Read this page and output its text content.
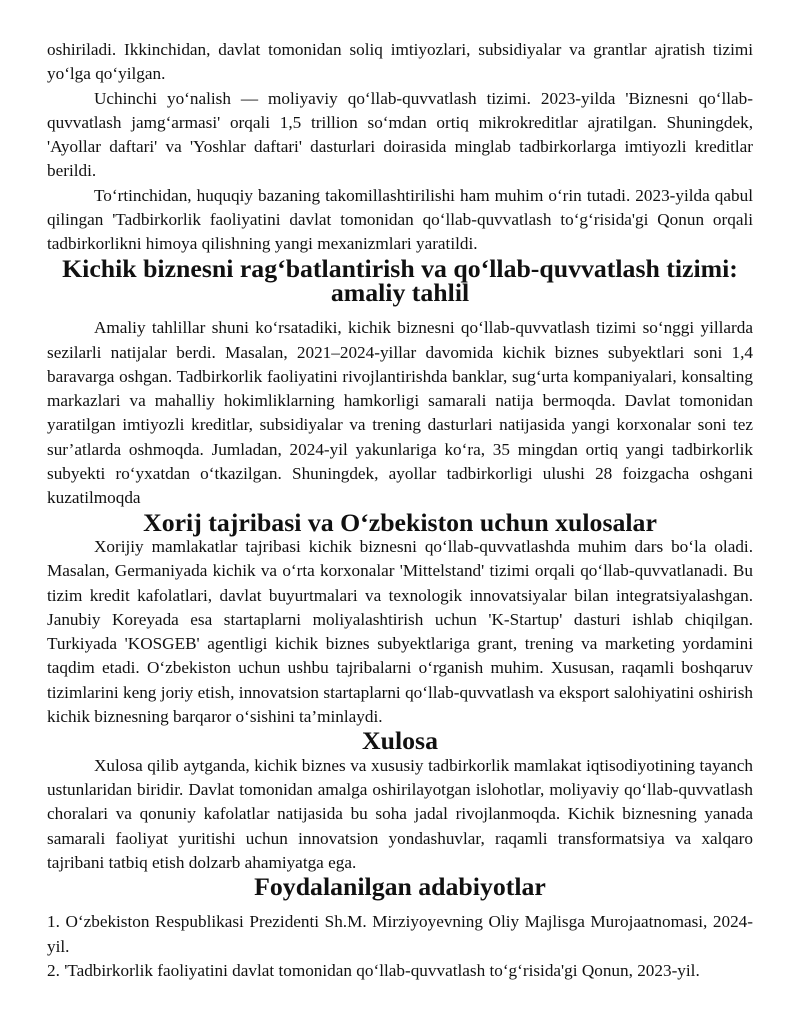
oshiriladi. Ikkinchidan, davlat tomonidan soliq imtiyozlari, subsidiyalar va grantlar ajratish tizimi yo‘lga qo‘yilgan.

Uchinchi yo‘nalish — moliyaviy qo‘llab-quvvatlash tizimi. 2023-yilda 'Biznesni qo‘llab-quvvatlash jamg‘armasi' orqali 1,5 trillion so‘mdan ortiq mikrokreditlar ajratilgan. Shuningdek, 'Ayollar daftari' va 'Yoshlar daftari' dasturlari doirasida minglab tadbirkorlarga imtiyozli kreditlar berildi.

To‘rtinchidan, huquqiy bazaning takomillashtirilishi ham muhim o‘rin tutadi. 2023-yilda qabul qilingan 'Tadbirkorlik faoliyatini davlat tomonidan qo‘llab-quvvatlash to‘g‘risida'gi Qonun orqali tadbirkorlikni himoya qilishning yangi mexanizmlari yaratildi.

Kichik biznesni rag‘batlantirish va qo‘llab-quvvatlash tizimi: amaliy tahlil

Amaliy tahlillar shuni ko‘rsatadiki, kichik biznesni qo‘llab-quvvatlash tizimi so‘nggi yillarda sezilarli natijalar berdi. Masalan, 2021–2024-yillar davomida kichik biznes subyektlari soni 1,4 baravarga oshgan. Tadbirkorlik faoliyatini rivojlantirishda banklar, sug‘urta kompaniyalari, konsalting markazlari va mahalliy hokimliklarning hamkorligi samarali natija bermoqda. Davlat tomonidan yaratilgan imtiyozli kreditlar, subsidiyalar va trening dasturlari natijasida yangi korxonalar soni tez sur’atlarda oshmoqda. Jumladan, 2024-yil yakunlariga ko‘ra, 35 mingdan ortiq yangi tadbirkorlik subyekti ro‘yxatdan o‘tkazilgan. Shuningdek, ayollar tadbirkorligi ulushi 28 foizgacha oshgani kuzatilmoqda

Xorij tajribasi va O‘zbekiston uchun xulosalar

Xorijiy mamlakatlar tajribasi kichik biznesni qo‘llab-quvvatlashda muhim dars bo‘la oladi. Masalan, Germaniyada kichik va o‘rta korxonalar 'Mittelstand' tizimi orqali qo‘llab-quvvatlanadi. Bu tizim kredit kafolatlari, davlat buyurtmalari va texnologik innovatsiyalar bilan integratsiyalashgan. Janubiy Koreyada esa startaplarni moliyalashtirish uchun 'K-Startup' dasturi ishlab chiqilgan. Turkiyada 'KOSGEB' agentligi kichik biznes subyektlariga grant, trening va marketing yordamini taqdim etadi. O‘zbekiston uchun ushbu tajribalarni o‘rganish muhim. Xususan, raqamli boshqaruv tizimlarini keng joriy etish, innovatsion startaplarni qo‘llab-quvvatlash va eksport salohiyatini oshirish kichik biznesning barqaror o‘sishini ta’minlaydi.

Xulosa

Xulosa qilib aytganda, kichik biznes va xususiy tadbirkorlik mamlakat iqtisodiyotining tayanch ustunlaridan biridir. Davlat tomonidan amalga oshirilayotgan islohotlar, moliyaviy qo‘llab-quvvatlash choralari va qonuniy kafolatlar natijasida bu soha jadal rivojlanmoqda. Kichik biznesning yanada samarali faoliyat yuritishi uchun innovatsion yondashuvlar, raqamli transformatsiya va xalqaro tajribani tatbiq etish dolzarb ahamiyatga ega.

Foydalanilgan adabiyotlar

1. O‘zbekiston Respublikasi Prezidenti Sh.M. Mirziyoyevning Oliy Majlisga Murojaatnomasi, 2024-yil.

2. 'Tadbirkorlik faoliyatini davlat tomonidan qo‘llab-quvvatlash to‘g‘risida'gi Qonun, 2023-yil.
